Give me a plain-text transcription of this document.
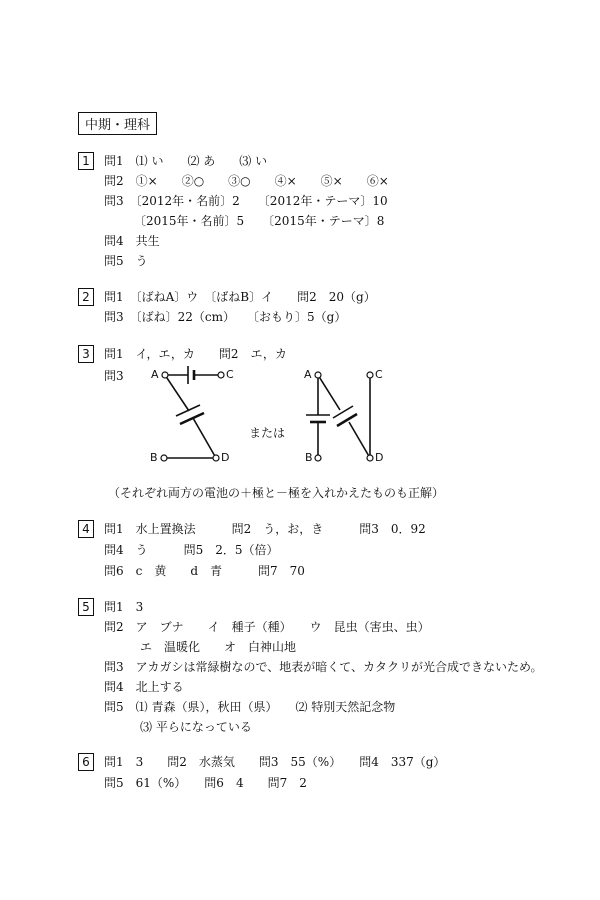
中期・理科
1	問1　⑴ い　　⑵ あ　　⑶ い
問2　①×　　②○　　③○　　④×　　⑤×　　⑥×
問3　〔2012年・名前〕2　　〔2012年・テーマ〕10
　　　〔2015年・名前〕5　　〔2015年・テーマ〕8
問4　共生
問5　う
2	問1　〔ばねA〕ウ　〔ばねB〕イ　　問2　20（g）
問3　〔ばね〕22（cm）　　〔おもり〕5（g）
3	問1　イ，エ，カ　　問2　エ，カ
問3 A	C
B	D
A	C
B	D
または
（それぞれ両方の電池の＋極と－極を入れかえたものも正解）
4	問1　水上置換法　　　問2　う，お，き　　　問3　0．92
問4　う　　　問5　2．5（倍）
問6　c　黄　　d　青　　　問7　70
5	問1　3
問2　ア　ブナ　　イ　種子（種）　　ウ　昆虫（害虫、虫）
　　　エ　温暖化　　オ　白神山地
問3　アカガシは常緑樹なので、地表が暗くて、カタクリが光合成できないため。
問4　北上する
問5　⑴ 青森（県），秋田（県）　　⑵ 特別天然記念物
　　　⑶ 平らになっている
6	問1　3　　問2　水蒸気　　問3　55（%）　　問4　337（g）
問5　61（%）　　問6　4　　問7　2
